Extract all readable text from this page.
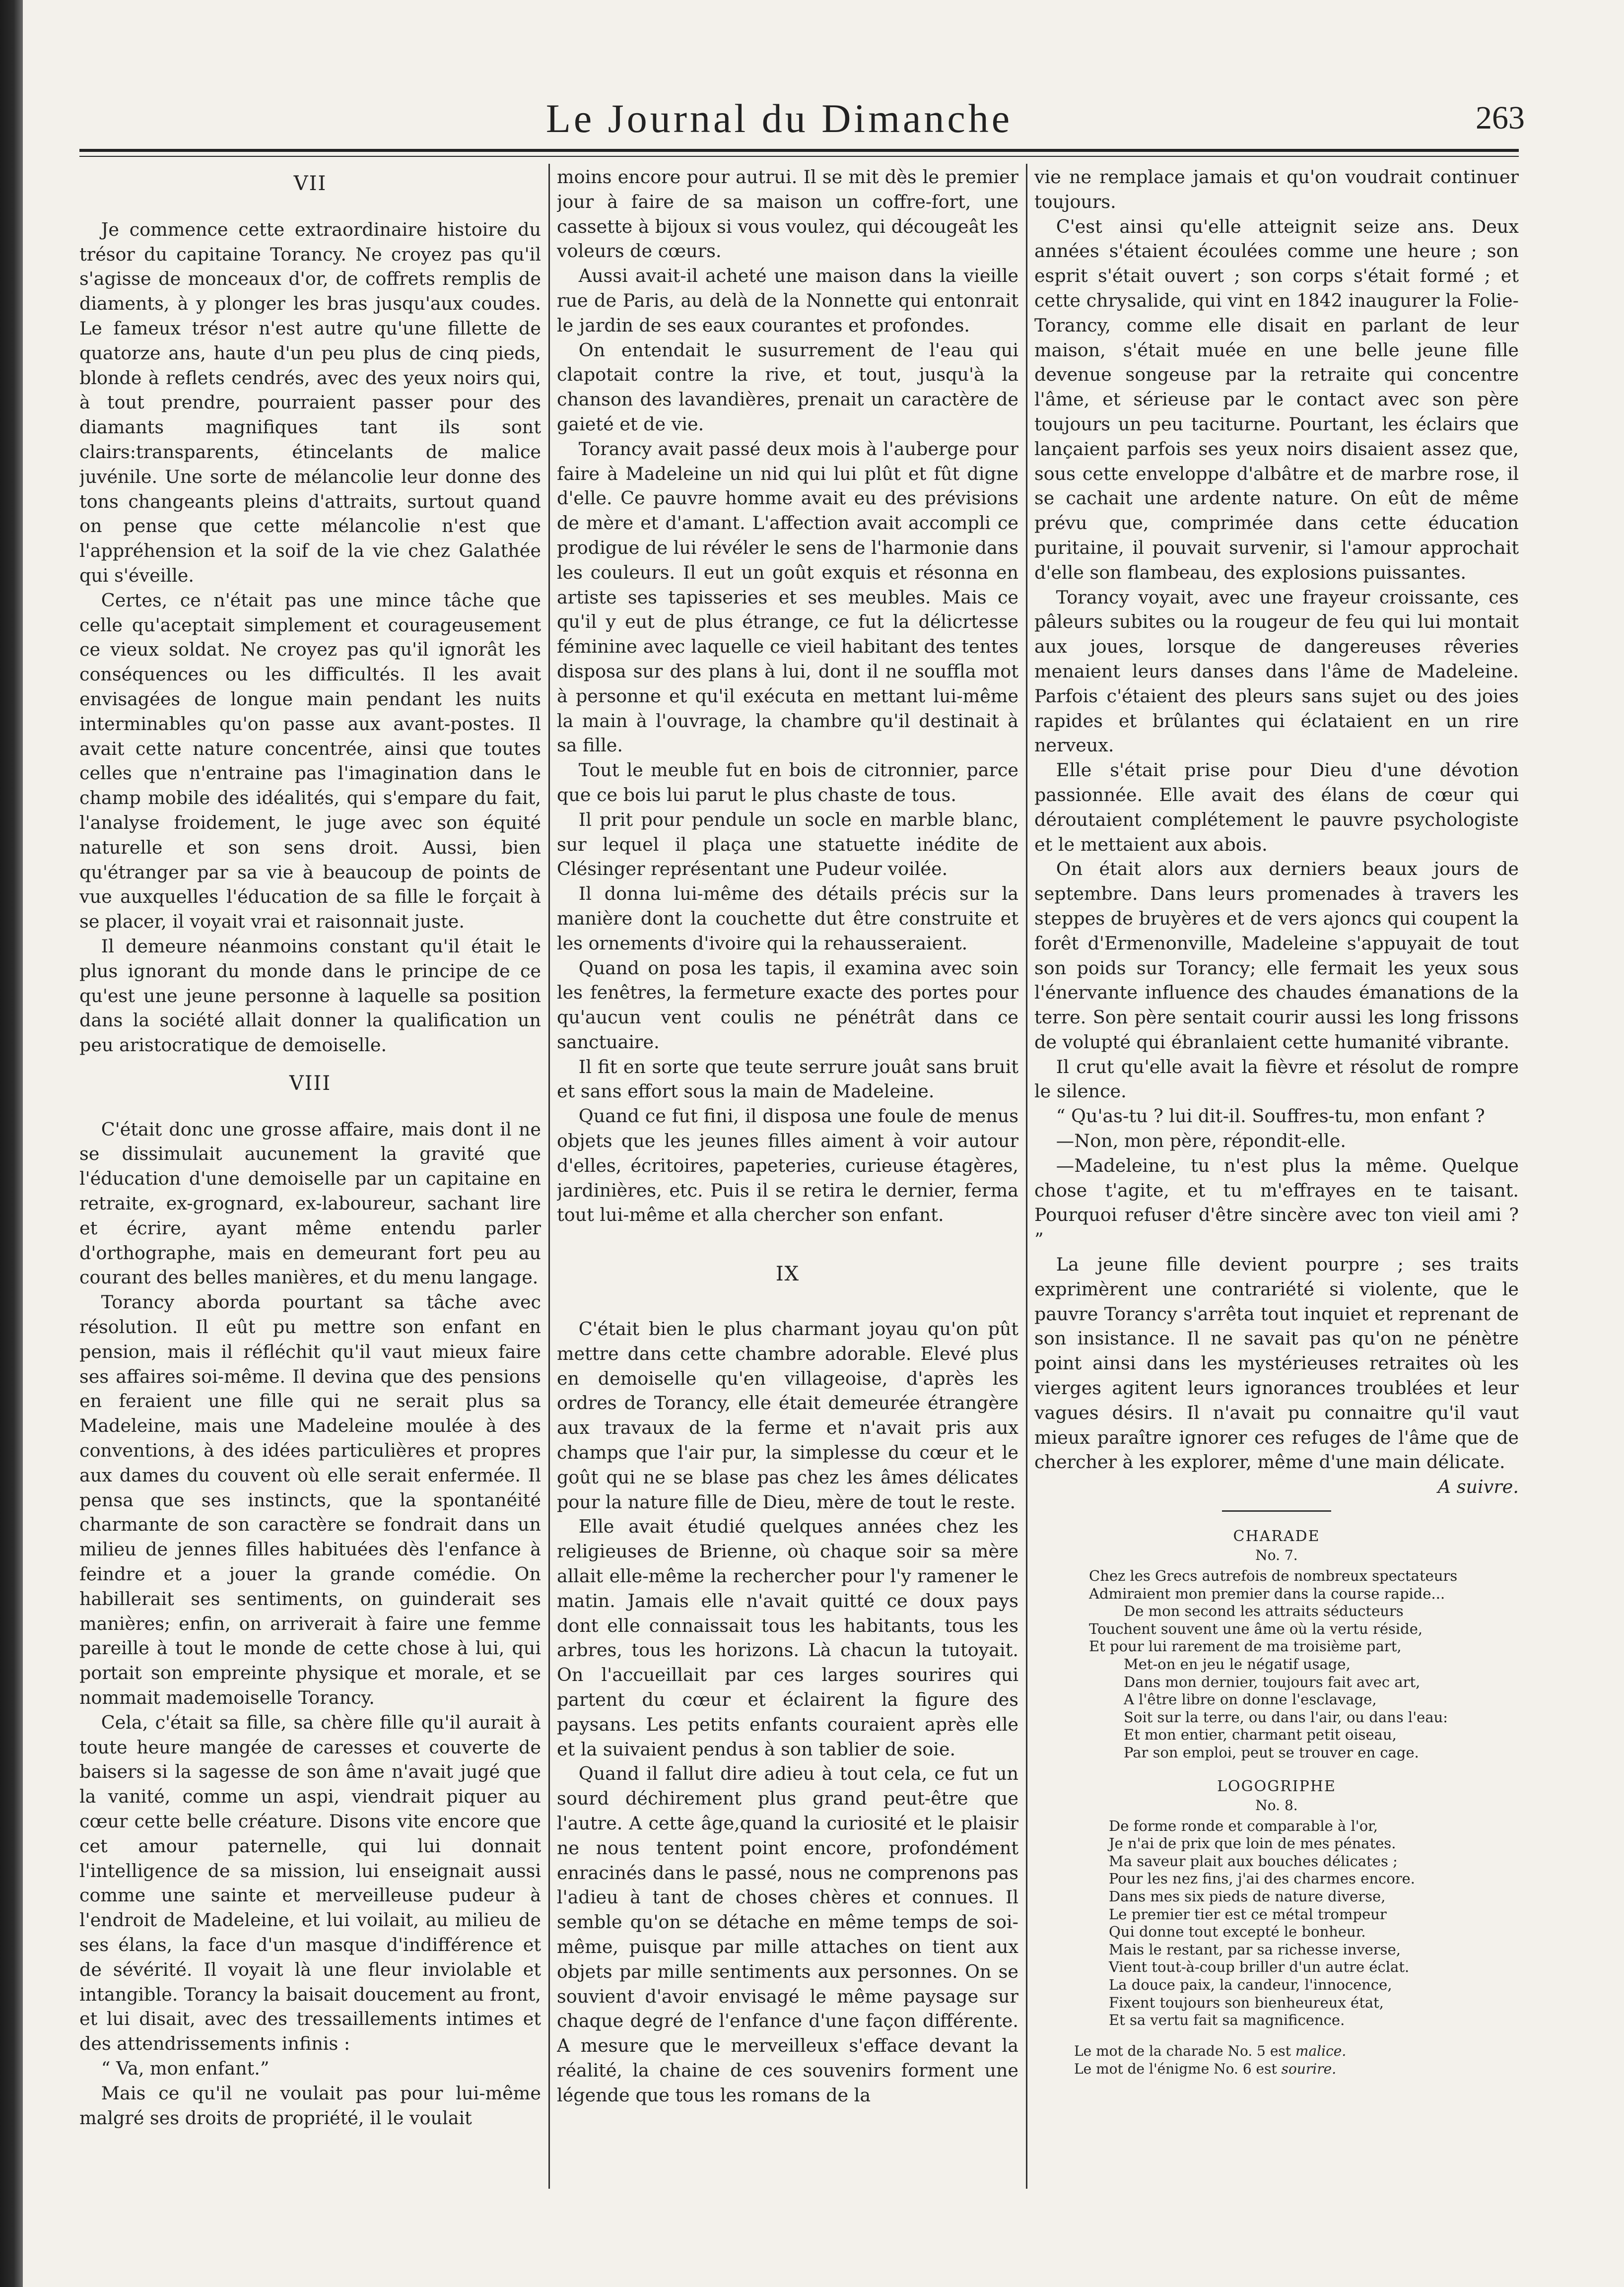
Le Journal du Dimanche	263
VII

Je commence cette extraordinaire histoire du trésor du capitaine Torancy. Ne croyez pas qu'il s'agisse de monceaux d'or, de coffrets remplis de diaments, à y plonger les bras jusqu'aux coudes. Le fameux trésor n'est autre qu'une fillette de quatorze ans, haute d'un peu plus de cinq pieds, blonde à reflets cendrés, avec des yeux noirs qui, à tout prendre, pourraient passer pour des diamants magnifiques tant ils sont clairs:transparents, étincelants de malice juvénile. Une sorte de mélancolie leur donne des tons changeants pleins d'attraits, surtout quand on pense que cette mélancolie n'est que l'appréhension et la soif de la vie chez Galathée qui s'éveille.

Certes, ce n'était pas une mince tâche que celle qu'aceptait simplement et courageusement ce vieux soldat. Ne croyez pas qu'il ignorât les conséquences ou les difficultés. Il les avait envisagées de longue main pendant les nuits interminables qu'on passe aux avant-postes. Il avait cette nature concentrée, ainsi que toutes celles que n'entraine pas l'imagination dans le champ mobile des idéalités, qui s'empare du fait, l'analyse froidement, le juge avec son équité naturelle et son sens droit. Aussi, bien qu'étranger par sa vie à beaucoup de points de vue auxquelles l'éducation de sa fille le forçait à se placer, il voyait vrai et raisonnait juste.

Il demeure néanmoins constant qu'il était le plus ignorant du monde dans le principe de ce qu'est une jeune personne à laquelle sa position dans la société allait donner la qualification un peu aristocratique de demoiselle.

VIII

C'était donc une grosse affaire, mais dont il ne se dissimulait aucunement la gravité que l'éducation d'une demoiselle par un capitaine en retraite, ex-grognard, ex-laboureur, sachant lire et écrire, ayant même entendu parler d'orthographe, mais en demeurant fort peu au courant des belles manières, et du menu langage.

Torancy aborda pourtant sa tâche avec résolution. Il eût pu mettre son enfant en pension, mais il réfléchit qu'il vaut mieux faire ses affaires soi-même. Il devina que des pensions en feraient une fille qui ne serait plus sa Madeleine, mais une Madeleine moulée à des conventions, à des idées particulières et propres aux dames du couvent où elle serait enfermée. Il pensa que ses instincts, que la spontanéité charmante de son caractère se fondrait dans un milieu de jennes filles habituées dès l'enfance à feindre et a jouer la grande comédie. On habillerait ses sentiments, on guinderait ses manières; enfin, on arriverait à faire une femme pareille à tout le monde de cette chose à lui, qui portait son empreinte physique et morale, et se nommait mademoiselle Torancy.

Cela, c'était sa fille, sa chère fille qu'il aurait à toute heure mangée de caresses et couverte de baisers si la sagesse de son âme n'avait jugé que la vanité, comme un aspi, viendrait piquer au cœur cette belle créature. Disons vite encore que cet amour paternelle, qui lui donnait l'intelligence de sa mission, lui enseignait aussi comme une sainte et merveilleuse pudeur à l'endroit de Madeleine, et lui voilait, au milieu de ses élans, la face d'un masque d'indifférence et de sévérité. Il voyait là une fleur inviolable et intangible. Torancy la baisait doucement au front, et lui disait, avec des tressaillements intimes et des attendrissements infinis :

“ Va, mon enfant.”

Mais ce qu'il ne voulait pas pour lui-même malgré ses droits de propriété, il le voulait

moins encore pour autrui. Il se mit dès le premier jour à faire de sa maison un coffre-fort, une cassette à bijoux si vous voulez, qui décougeât les voleurs de cœurs.

Aussi avait-il acheté une maison dans la vieille rue de Paris, au delà de la Nonnette qui entonrait le jardin de ses eaux courantes et profondes.

On entendait le susurrement de l'eau qui clapotait contre la rive, et tout, jusqu'à la chanson des lavandières, prenait un caractère de gaieté et de vie.

Torancy avait passé deux mois à l'auberge pour faire à Madeleine un nid qui lui plût et fût digne d'elle. Ce pauvre homme avait eu des prévisions de mère et d'amant. L'affection avait accompli ce prodigue de lui révéler le sens de l'harmonie dans les couleurs. Il eut un goût exquis et résonna en artiste ses tapisseries et ses meubles. Mais ce qu'il y eut de plus étrange, ce fut la délicrtesse féminine avec laquelle ce vieil habitant des tentes disposa sur des plans à lui, dont il ne souffla mot à personne et qu'il exécuta en mettant lui-même la main à l'ouvrage, la chambre qu'il destinait à sa fille.

Tout le meuble fut en bois de citronnier, parce que ce bois lui parut le plus chaste de tous.

Il prit pour pendule un socle en marble blanc, sur lequel il plaça une statuette inédite de Clésinger représentant une Pudeur voilée.

Il donna lui-même des détails précis sur la manière dont la couchette dut être construite et les ornements d'ivoire qui la rehausseraient.

Quand on posa les tapis, il examina avec soin les fenêtres, la fermeture exacte des portes pour qu'aucun vent coulis ne pénétrât dans ce sanctuaire.

Il fit en sorte que teute serrure jouât sans bruit et sans effort sous la main de Madeleine.

Quand ce fut fini, il disposa une foule de menus objets que les jeunes filles aiment à voir autour d'elles, écritoires, papeteries, curieuse étagères, jardinières, etc. Puis il se retira le dernier, ferma tout lui-même et alla chercher son enfant.

IX

C'était bien le plus charmant joyau qu'on pût mettre dans cette chambre adorable. Elevé plus en demoiselle qu'en villageoise, d'après les ordres de Torancy, elle était demeurée étrangère aux travaux de la ferme et n'avait pris aux champs que l'air pur, la simplesse du cœur et le goût qui ne se blase pas chez les âmes délicates pour la nature fille de Dieu, mère de tout le reste.

Elle avait étudié quelques années chez les religieuses de Brienne, où chaque soir sa mère allait elle-même la rechercher pour l'y ramener le matin. Jamais elle n'avait quitté ce doux pays dont elle connaissait tous les habitants, tous les arbres, tous les horizons. Là chacun la tutoyait. On l'accueillait par ces larges sourires qui partent du cœur et éclairent la figure des paysans. Les petits enfants couraient après elle et la suivaient pendus à son tablier de soie.

Quand il fallut dire adieu à tout cela, ce fut un sourd déchirement plus grand peut-être que l'autre. A cette âge,quand la curiosité et le plaisir ne nous tentent point encore, profondément enracinés dans le passé, nous ne comprenons pas l'adieu à tant de choses chères et connues. Il semble qu'on se détache en même temps de soi-même, puisque par mille attaches on tient aux objets par mille sentiments aux personnes. On se souvient d'avoir envisagé le même paysage sur chaque degré de l'enfance d'une façon différente. A mesure que le merveilleux s'efface devant la réalité, la chaine de ces souvenirs forment une légende que tous les romans de la

vie ne remplace jamais et qu'on voudrait continuer toujours.

C'est ainsi qu'elle atteignit seize ans. Deux années s'étaient écoulées comme une heure ; son esprit s'était ouvert ; son corps s'était formé ; et cette chrysalide, qui vint en 1842 inaugurer la Folie-Torancy, comme elle disait en parlant de leur maison, s'était muée en une belle jeune fille devenue songeuse par la retraite qui concentre l'âme, et sérieuse par le contact avec son père toujours un peu taciturne. Pourtant, les éclairs que lançaient parfois ses yeux noirs disaient assez que, sous cette enveloppe d'albâtre et de marbre rose, il se cachait une ardente nature. On eût de même prévu que, comprimée dans cette éducation puritaine, il pouvait survenir, si l'amour approchait d'elle son flambeau, des explosions puissantes.

Torancy voyait, avec une frayeur croissante, ces pâleurs subites ou la rougeur de feu qui lui montait aux joues, lorsque de dangereuses rêveries menaient leurs danses dans l'âme de Madeleine. Parfois c'étaient des pleurs sans sujet ou des joies rapides et brûlantes qui éclataient en un rire nerveux.

Elle s'était prise pour Dieu d'une dévotion passionnée. Elle avait des élans de cœur qui déroutaient complétement le pauvre psychologiste et le mettaient aux abois.

On était alors aux derniers beaux jours de septembre. Dans leurs promenades à travers les steppes de bruyères et de vers ajoncs qui coupent la forêt d'Ermenonville, Madeleine s'appuyait de tout son poids sur Torancy; elle fermait les yeux sous l'énervante influence des chaudes émanations de la terre. Son père sentait courir aussi les long frissons de volupté qui ébranlaient cette humanité vibrante.

Il crut qu'elle avait la fièvre et résolut de rompre le silence.

“ Qu'as-tu ? lui dit-il. Souffres-tu, mon enfant ?

—Non, mon père, répondit-elle.

—Madeleine, tu n'est plus la même. Quelque chose t'agite, et tu m'effrayes en te taisant. Pourquoi refuser d'être sincère avec ton vieil ami ? ”

La jeune fille devient pourpre ; ses traits exprimèrent une contrariété si violente, que le pauvre Torancy s'arrêta tout inquiet et reprenant de son insistance. Il ne savait pas qu'on ne pénètre point ainsi dans les mystérieuses retraites où les vierges agitent leurs ignorances troublées et leur vagues désirs. Il n'avait pu connaitre qu'il vaut mieux paraître ignorer ces refuges de l'âme que de chercher à les explorer, même d'une main délicate.
A suivre.

CHARADE
No. 7.
Chez les Grecs autrefois de nombreux spectateurs
Admiraient mon premier dans la course rapide...
De mon second les attraits séducteurs
Touchent souvent une âme où la vertu réside,
Et pour lui rarement de ma troisième part,
Met-on en jeu le négatif usage,
Dans mon dernier, toujours fait avec art,
A l'être libre on donne l'esclavage,
Soit sur la terre, ou dans l'air, ou dans l'eau:
Et mon entier, charmant petit oiseau,
Par son emploi, peut se trouver en cage.
LOGOGRIPHE
No. 8.
De forme ronde et comparable à l'or,
Je n'ai de prix que loin de mes pénates.
Ma saveur plait aux bouches délicates ;
Pour les nez fins, j'ai des charmes encore.
Dans mes six pieds de nature diverse,
Le premier tier est ce métal trompeur
Qui donne tout excepté le bonheur.
Mais le restant, par sa richesse inverse,
Vient tout-à-coup briller d'un autre éclat.
La douce paix, la candeur, l'innocence,
Fixent toujours son bienheureux état,
Et sa vertu fait sa magnificence.
Le mot de la charade No. 5 est malice.
Le mot de l'énigme No. 6 est sourire.
